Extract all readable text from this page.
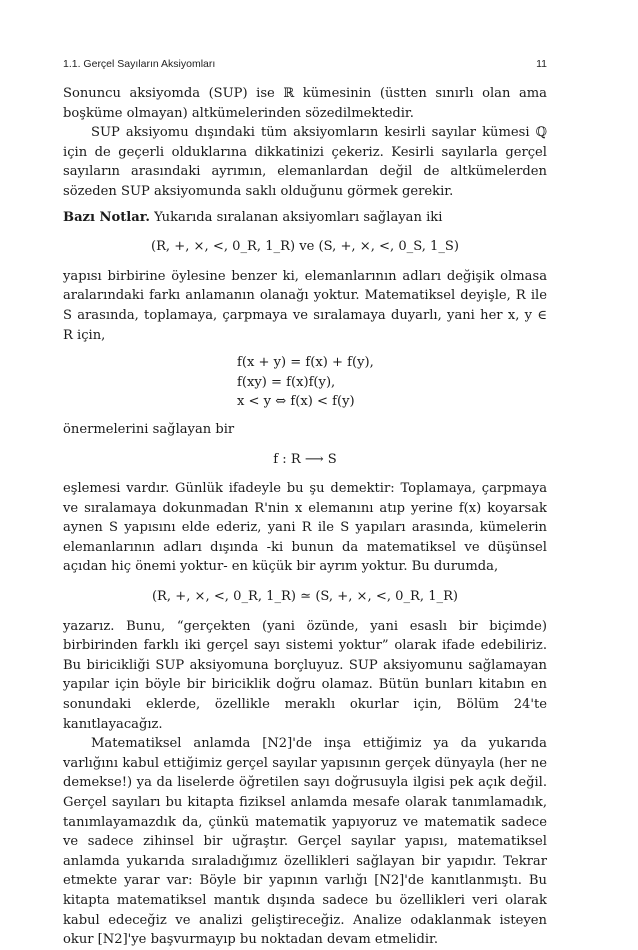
1.1. Gerçel Sayıların Aksiyomları	11

Sonuncu aksiyomda (SUP) ise ℝ kümesinin (üstten sınırlı olan ama boşküme olmayan) altkümelerinden sözedilmektedir.

SUP aksiyomu dışındaki tüm aksiyomların kesirli sayılar kümesi ℚ için de geçerli olduklarına dikkatinizi çekeriz. Kesirli sayılarla gerçel sayıların arasındaki ayrımın, elemanlardan değil de altkümelerden sözeden SUP aksiyomunda saklı olduğunu görmek gerekir.

Bazı Notlar. Yukarıda sıralanan aksiyomları sağlayan iki

(R, +, ×, <, 0_R, 1_R) ve (S, +, ×, <, 0_S, 1_S)

yapısı birbirine öylesine benzer ki, elemanlarının adları değişik olmasa aralarındaki farkı anlamanın olanağı yoktur. Matematiksel deyişle, R ile S arasında, toplamaya, çarpmaya ve sıralamaya duyarlı, yani her x, y ∈ R için,

f(x + y) = f(x) + f(y),
f(xy) = f(x)f(y),
x < y ⇔ f(x) < f(y)

önermelerini sağlayan bir

f : R ⟶ S

eşlemesi vardır. Günlük ifadeyle bu şu demektir: Toplamaya, çarpmaya ve sıralamaya dokunmadan R'nin x elemanını atıp yerine f(x) koyarsak aynen S yapısını elde ederiz, yani R ile S yapıları arasında, kümelerin elemanlarının adları dışında -ki bunun da matematiksel ve düşünsel açıdan hiç önemi yoktur- en küçük bir ayrım yoktur. Bu durumda,

(R, +, ×, <, 0_R, 1_R) ≃ (S, +, ×, <, 0_R, 1_R)

yazarız. Bunu, “gerçekten (yani özünde, yani esaslı bir biçimde) birbirinden farklı iki gerçel sayı sistemi yoktur” olarak ifade edebiliriz. Bu biricikliği SUP aksiyomuna borçluyuz. SUP aksiyomunu sağlamayan yapılar için böyle bir biriciklik doğru olamaz. Bütün bunları kitabın en sonundaki eklerde, özellikle meraklı okurlar için, Bölüm 24'te kanıtlayacağız.

Matematiksel anlamda [N2]'de inşa ettiğimiz ya da yukarıda varlığını kabul ettiğimiz gerçel sayılar yapısının gerçek dünyayla (her ne demekse!) ya da liselerde öğretilen sayı doğrusuyla ilgisi pek açık değil. Gerçel sayıları bu kitapta fiziksel anlamda mesafe olarak tanımlamadık, tanımlayamazdık da, çünkü matematik yapıyoruz ve matematik sadece ve sadece zihinsel bir uğraştır. Gerçel sayılar yapısı, matematiksel anlamda yukarıda sıraladığımız özellikleri sağlayan bir yapıdır. Tekrar etmekte yarar var: Böyle bir yapının varlığı [N2]'de kanıtlanmıştı. Bu kitapta matematiksel mantık dışında sadece bu özellikleri veri olarak kabul edeceğiz ve analizi geliştireceğiz. Analize odaklanmak isteyen okur [N2]'ye başvurmayıp bu noktadan devam etmelidir.
